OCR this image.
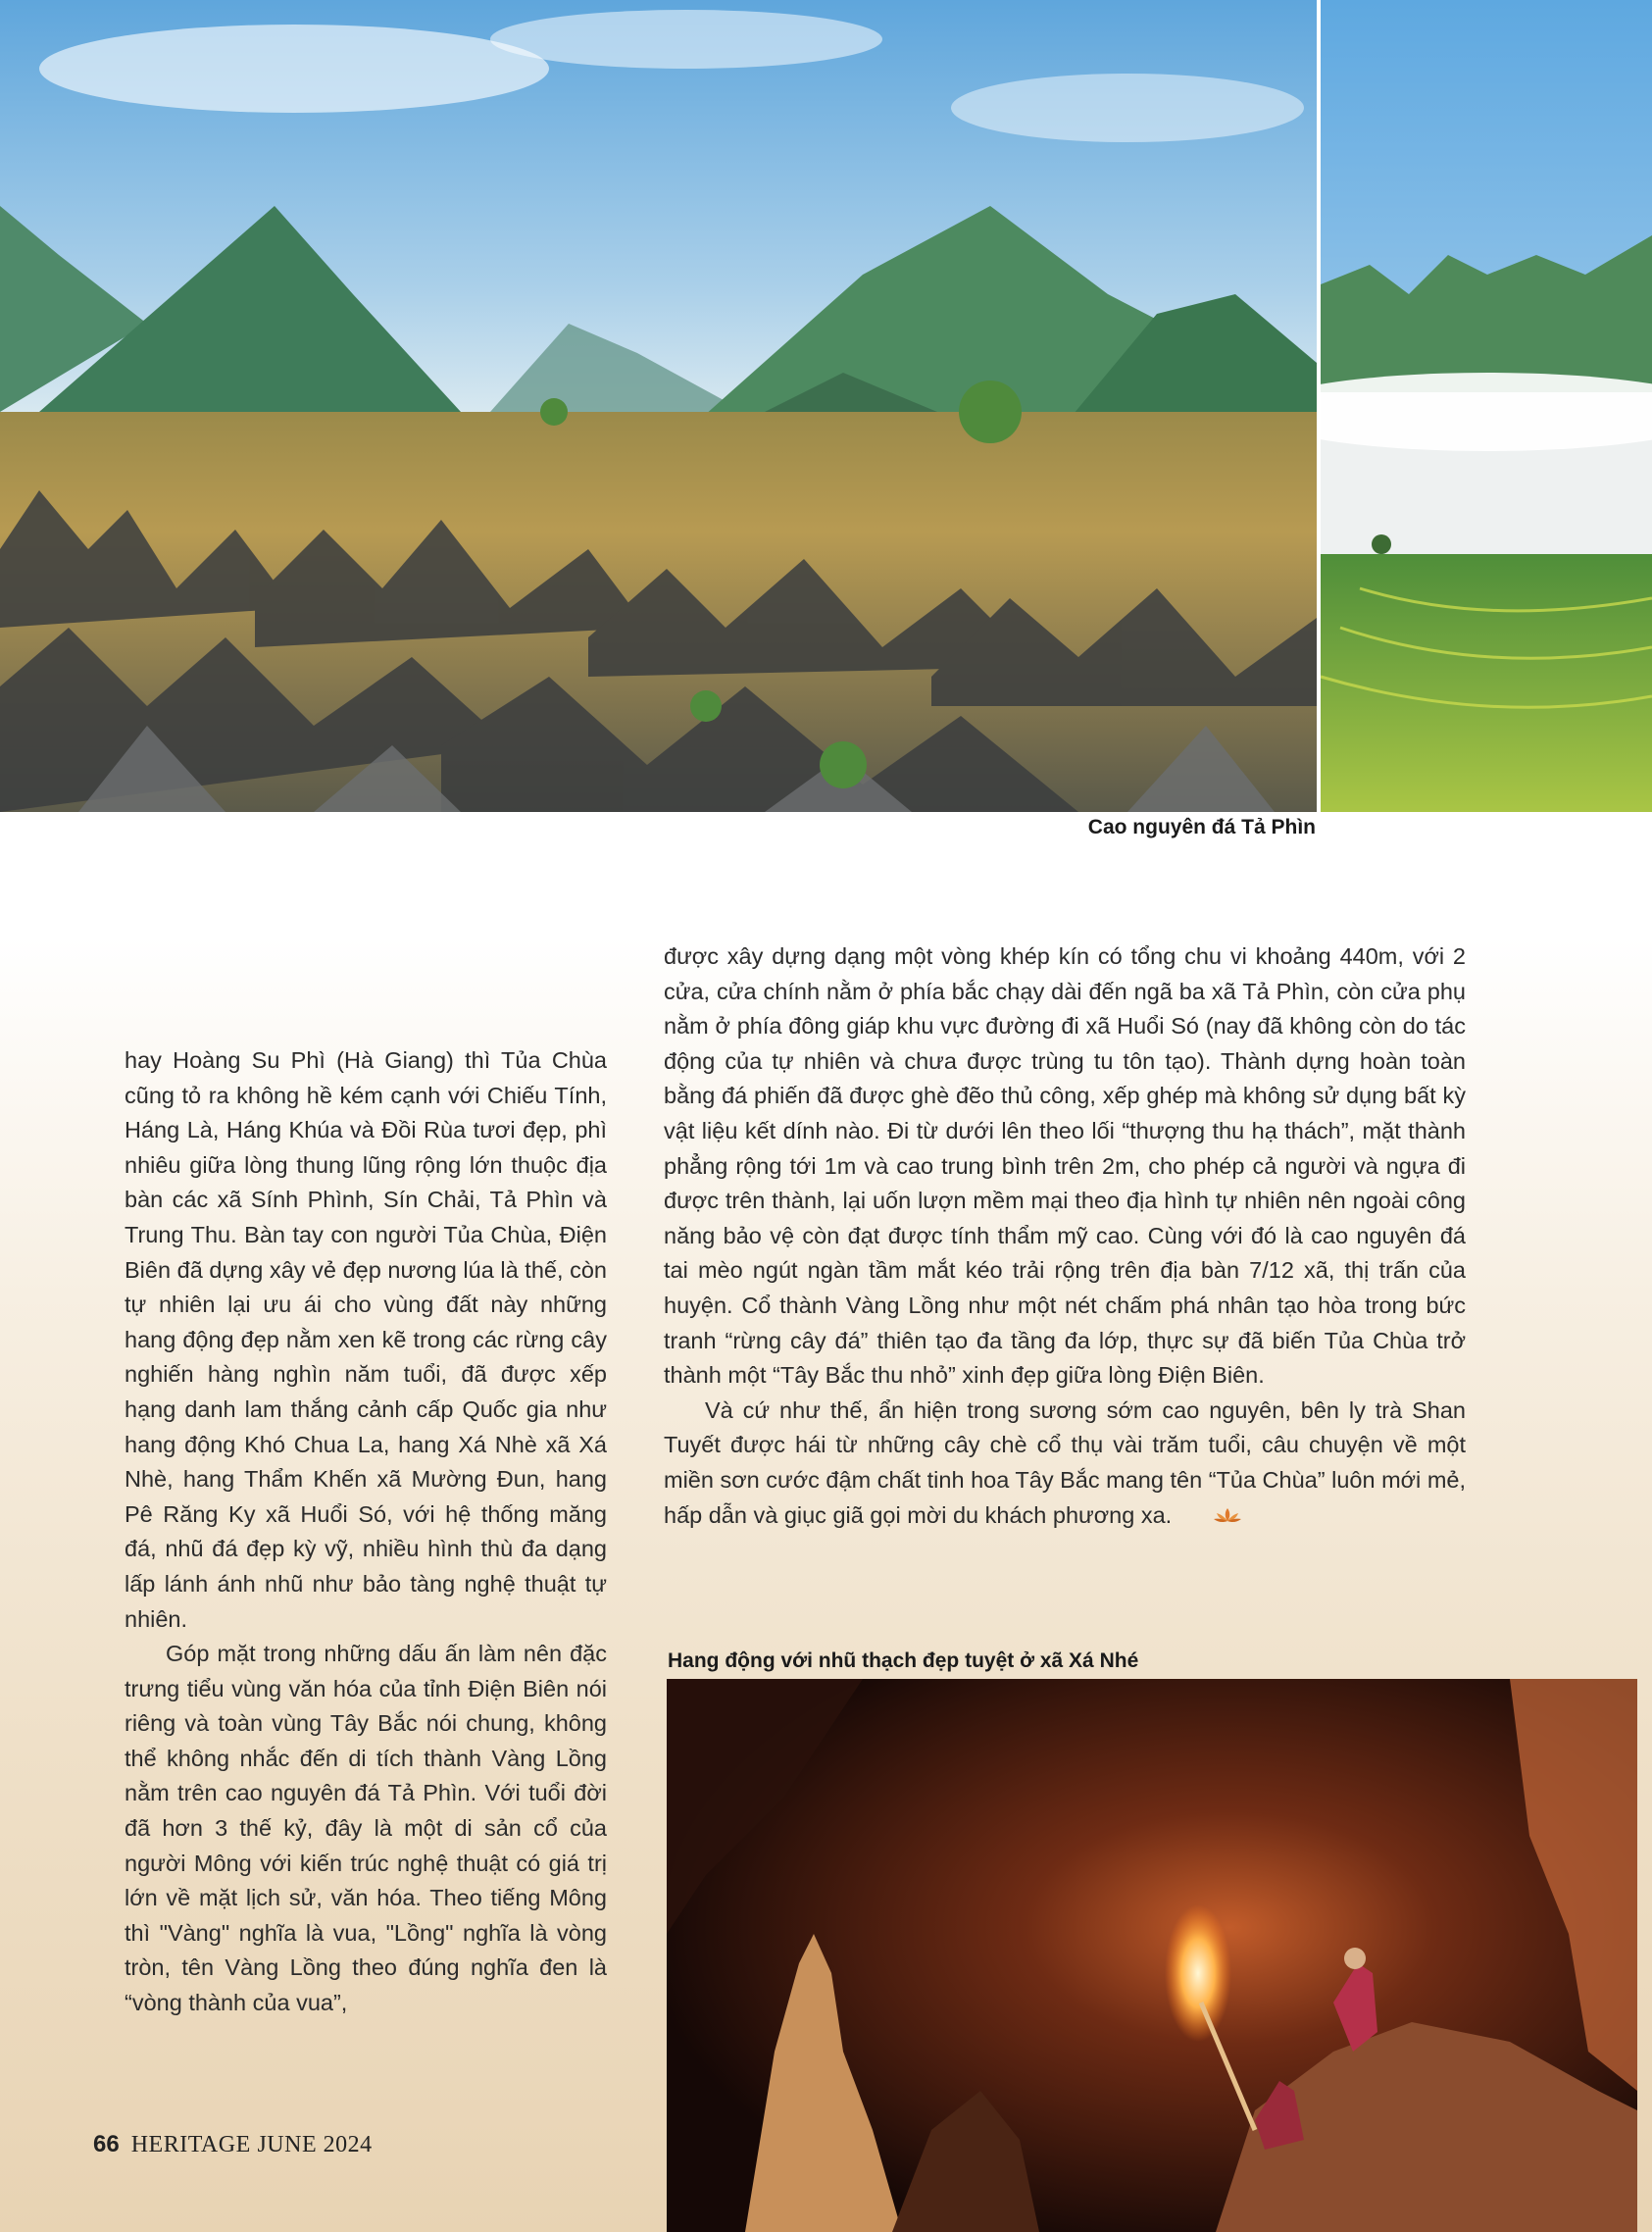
Cao nguyên đá Tả Phìn

hay Hoàng Su Phì (Hà Giang) thì Tủa Chùa cũng tỏ ra không hề kém cạnh với Chiếu Tính, Háng Là, Háng Khúa và Đồi Rùa tươi đẹp, phì nhiêu giữa lòng thung lũng rộng lớn thuộc địa bàn các xã Sính Phình, Sín Chải, Tả Phìn và Trung Thu. Bàn tay con người Tủa Chùa, Điện Biên đã dựng xây vẻ đẹp nương lúa là thế, còn tự nhiên lại ưu ái cho vùng đất này những hang động đẹp nằm xen kẽ trong các rừng cây nghiến hàng nghìn năm tuổi, đã được xếp hạng danh lam thắng cảnh cấp Quốc gia như hang động Khó Chua La, hang Xá Nhè xã Xá Nhè, hang Thẩm Khến xã Mường Đun, hang Pê Răng Ky xã Huổi Só, với hệ thống măng đá, nhũ đá đẹp kỳ vỹ, nhiều hình thù đa dạng lấp lánh ánh nhũ như bảo tàng nghệ thuật tự nhiên.

Góp mặt trong những dấu ấn làm nên đặc trưng tiểu vùng văn hóa của tỉnh Điện Biên nói riêng và toàn vùng Tây Bắc nói chung, không thể không nhắc đến di tích thành Vàng Lồng nằm trên cao nguyên đá Tả Phìn. Với tuổi đời đã hơn 3 thế kỷ, đây là một di sản cổ của người Mông với kiến trúc nghệ thuật có giá trị lớn về mặt lịch sử, văn hóa. Theo tiếng Mông thì "Vàng" nghĩa là vua, "Lồng" nghĩa là vòng tròn, tên Vàng Lồng theo đúng nghĩa đen là “vòng thành của vua”,

được xây dựng dạng một vòng khép kín có tổng chu vi khoảng 440m, với 2 cửa, cửa chính nằm ở phía bắc chạy dài đến ngã ba xã Tả Phìn, còn cửa phụ nằm ở phía đông giáp khu vực đường đi xã Huổi Só (nay đã không còn do tác động của tự nhiên và chưa được trùng tu tôn tạo). Thành dựng hoàn toàn bằng đá phiến đã được ghè đẽo thủ công, xếp ghép mà không sử dụng bất kỳ vật liệu kết dính nào. Đi từ dưới lên theo lối “thượng thu hạ thách”, mặt thành phẳng rộng tới 1m và cao trung bình trên 2m, cho phép cả người và ngựa đi được trên thành, lại uốn lượn mềm mại theo địa hình tự nhiên nên ngoài công năng bảo vệ còn đạt được tính thẩm mỹ cao. Cùng với đó là cao nguyên đá tai mèo ngút ngàn tầm mắt kéo trải rộng trên địa bàn 7/12 xã, thị trấn của huyện. Cổ thành Vàng Lồng như một nét chấm phá nhân tạo hòa trong bức tranh “rừng cây đá” thiên tạo đa tầng đa lớp, thực sự đã biến Tủa Chùa trở thành một “Tây Bắc thu nhỏ” xinh đẹp giữa lòng Điện Biên.

Và cứ như thế, ẩn hiện trong sương sớm cao nguyên, bên ly trà Shan Tuyết được hái từ những cây chè cổ thụ vài trăm tuổi, câu chuyện về một miền sơn cước đậm chất tinh hoa Tây Bắc mang tên “Tủa Chùa” luôn mới mẻ, hấp dẫn và giục giã gọi mời du khách phương xa.

Hang động với nhũ thạch đẹp tuyệt ở xã Xá Nhé
66 HERITAGE JUNE 2024
